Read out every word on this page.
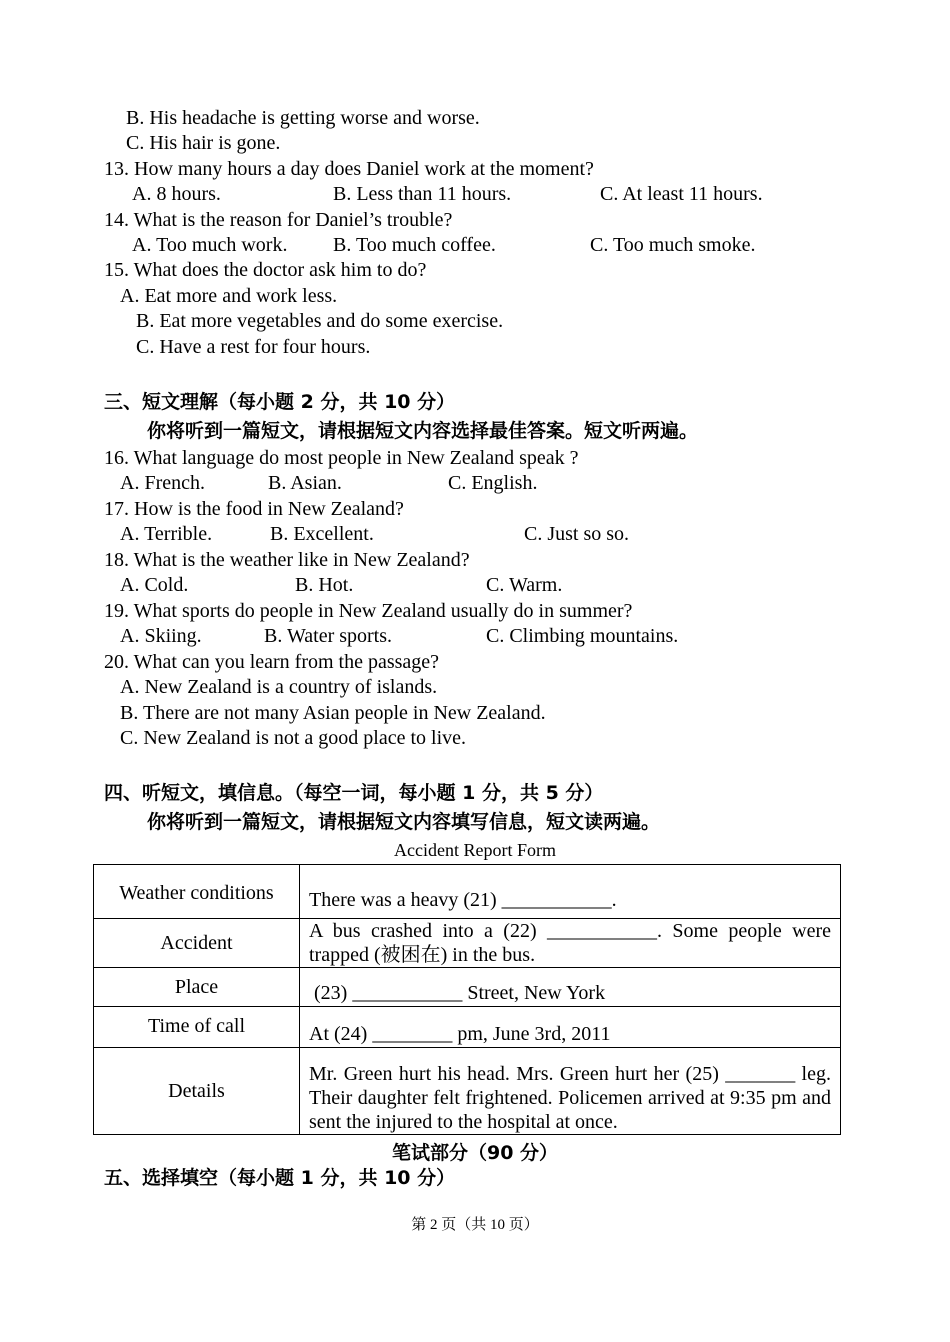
B. His headache is getting worse and worse.
C. His hair is gone.
13. How many hours a day does Daniel work at the moment?
A. 8 hours.	B. Less than 11 hours.	C. At least 11 hours.
14. What is the reason for Daniel’s trouble?
A. Too much work. B. Too much coffee.	C. Too much smoke.
15. What does the doctor ask him to do?
A. Eat more and work less.
B. Eat more vegetables and do some exercise.
C. Have a rest for four hours.
三、短文理解（每小题 2 分，共 10 分）
你将听到一篇短文，请根据短文内容选择最佳答案。短文听两遍。
16. What language do most people in New Zealand speak ?
A. French.	B. Asian.	C. English.
17. How is the food in New Zealand?
A. Terrible.	B. Excellent.	C. Just so so.
18. What is the weather like in New Zealand?
A. Cold.	B. Hot.	C. Warm.
19. What sports do people in New Zealand usually do in summer?
A. Skiing.	B. Water sports.	C. Climbing mountains.
20. What can you learn from the passage?
A. New Zealand is a country of islands.
B. There are not many Asian people in New Zealand.
C. New Zealand is not a good place to live.
四、听短文，填信息。（每空一词，每小题 1 分，共 5 分）
你将听到一篇短文，请根据短文内容填写信息，短文读两遍。
Accident Report Form
Weather conditions	There was a heavy (21) ___________.
Accident	A bus crashed into a (22) ___________. Some people were trapped (被困在) in the bus.
Place	(23) ___________ Street, New York
Time of call	At (24) ________ pm, June 3rd, 2011
Details	Mr. Green hurt his head. Mrs. Green hurt her (25) _______ leg. Their daughter felt frightened. Policemen arrived at 9:35 pm and sent the injured to the hospital at once.
笔试部分（90 分）
五、选择填空（每小题 1 分，共 10 分）
第 2 页（共 10 页）
